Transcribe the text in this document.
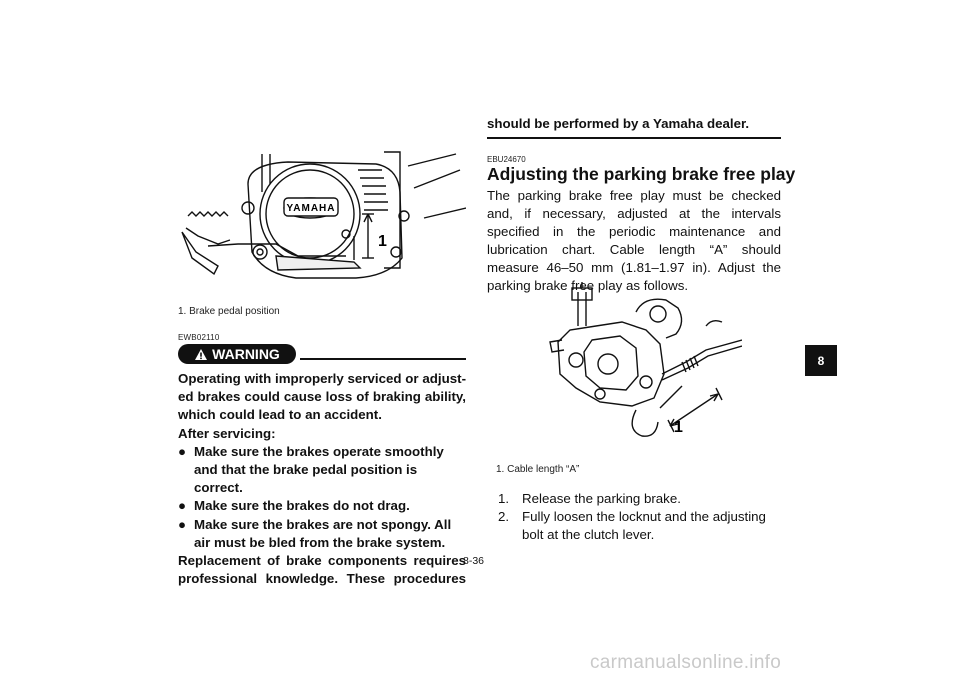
YAMAHA
1
1. Brake pedal position
EWB02110
WARNING

Operating with improperly serviced or adjust-ed brakes could cause loss of braking ability, which could lead to an accident.

After servicing:

● Make sure the brakes operate smoothly and that the brake pedal position is correct.
● Make sure the brakes do not drag.
● Make sure the brakes are not spongy. All air must be bled from the brake system.

Replacement of brake components requires professional knowledge. These procedures

should be performed by a Yamaha dealer.
EBU24670
Adjusting the parking brake free play
The parking brake free play must be checked and, if necessary, adjusted at the intervals specified in the periodic maintenance and lubrication chart. Cable length “A” should measure 46–50 mm (1.81–1.97 in). Adjust the parking brake free play as follows.
1
1. Cable length “A”
1. Release the parking brake.
2. Fully loosen the locknut and the adjusting bolt at the clutch lever.
8-36
8
carmanualsonline.info
